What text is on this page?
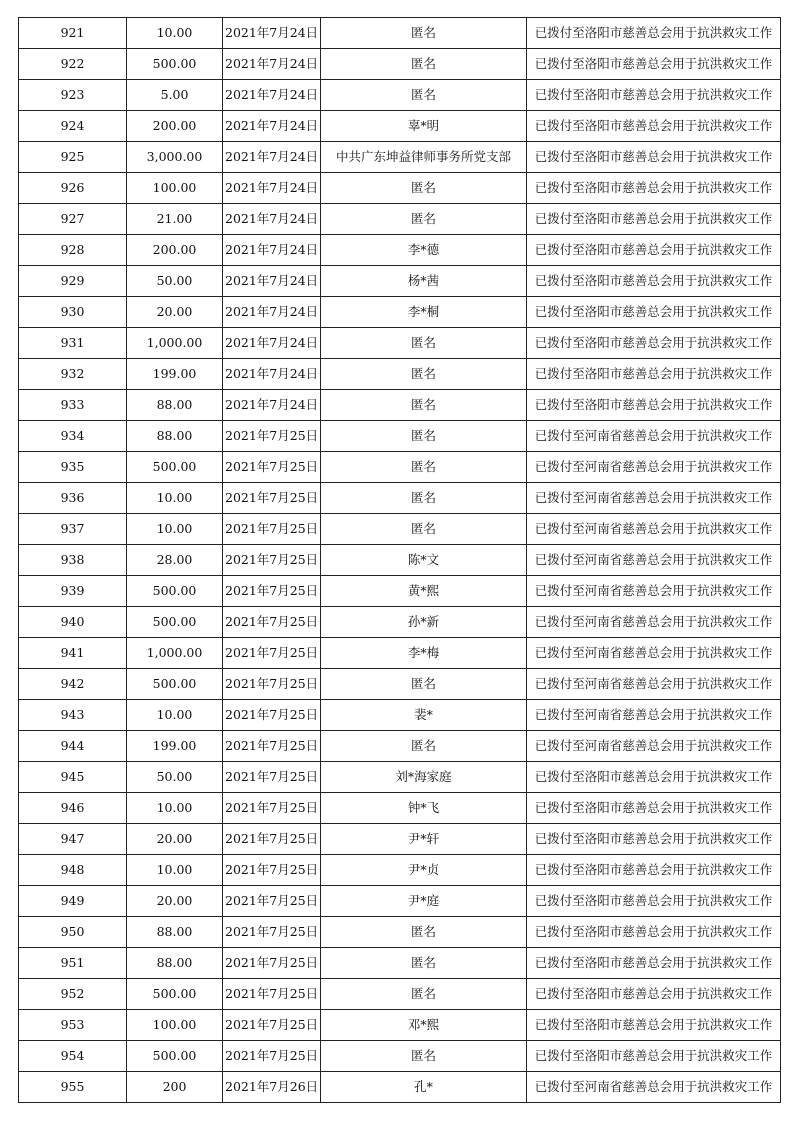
921	10.00	2021年7月24日	匿名	已拨付至洛阳市慈善总会用于抗洪救灾工作
922	500.00	2021年7月24日	匿名	已拨付至洛阳市慈善总会用于抗洪救灾工作
923	5.00	2021年7月24日	匿名	已拨付至洛阳市慈善总会用于抗洪救灾工作
924	200.00	2021年7月24日	辜*明	已拨付至洛阳市慈善总会用于抗洪救灾工作
925	3,000.00	2021年7月24日	中共广东坤益律师事务所党支部	已拨付至洛阳市慈善总会用于抗洪救灾工作
926	100.00	2021年7月24日	匿名	已拨付至洛阳市慈善总会用于抗洪救灾工作
927	21.00	2021年7月24日	匿名	已拨付至洛阳市慈善总会用于抗洪救灾工作
928	200.00	2021年7月24日	李*德	已拨付至洛阳市慈善总会用于抗洪救灾工作
929	50.00	2021年7月24日	杨*茜	已拨付至洛阳市慈善总会用于抗洪救灾工作
930	20.00	2021年7月24日	李*桐	已拨付至洛阳市慈善总会用于抗洪救灾工作
931	1,000.00	2021年7月24日	匿名	已拨付至洛阳市慈善总会用于抗洪救灾工作
932	199.00	2021年7月24日	匿名	已拨付至洛阳市慈善总会用于抗洪救灾工作
933	88.00	2021年7月24日	匿名	已拨付至洛阳市慈善总会用于抗洪救灾工作
934	88.00	2021年7月25日	匿名	已拨付至河南省慈善总会用于抗洪救灾工作
935	500.00	2021年7月25日	匿名	已拨付至河南省慈善总会用于抗洪救灾工作
936	10.00	2021年7月25日	匿名	已拨付至河南省慈善总会用于抗洪救灾工作
937	10.00	2021年7月25日	匿名	已拨付至河南省慈善总会用于抗洪救灾工作
938	28.00	2021年7月25日	陈*文	已拨付至河南省慈善总会用于抗洪救灾工作
939	500.00	2021年7月25日	黄*熙	已拨付至河南省慈善总会用于抗洪救灾工作
940	500.00	2021年7月25日	孙*新	已拨付至河南省慈善总会用于抗洪救灾工作
941	1,000.00	2021年7月25日	李*梅	已拨付至河南省慈善总会用于抗洪救灾工作
942	500.00	2021年7月25日	匿名	已拨付至河南省慈善总会用于抗洪救灾工作
943	10.00	2021年7月25日	裴*	已拨付至河南省慈善总会用于抗洪救灾工作
944	199.00	2021年7月25日	匿名	已拨付至河南省慈善总会用于抗洪救灾工作
945	50.00	2021年7月25日	刘*海家庭	已拨付至洛阳市慈善总会用于抗洪救灾工作
946	10.00	2021年7月25日	钟*飞	已拨付至洛阳市慈善总会用于抗洪救灾工作
947	20.00	2021年7月25日	尹*轩	已拨付至洛阳市慈善总会用于抗洪救灾工作
948	10.00	2021年7月25日	尹*贞	已拨付至洛阳市慈善总会用于抗洪救灾工作
949	20.00	2021年7月25日	尹*庭	已拨付至洛阳市慈善总会用于抗洪救灾工作
950	88.00	2021年7月25日	匿名	已拨付至洛阳市慈善总会用于抗洪救灾工作
951	88.00	2021年7月25日	匿名	已拨付至洛阳市慈善总会用于抗洪救灾工作
952	500.00	2021年7月25日	匿名	已拨付至洛阳市慈善总会用于抗洪救灾工作
953	100.00	2021年7月25日	邓*熙	已拨付至洛阳市慈善总会用于抗洪救灾工作
954	500.00	2021年7月25日	匿名	已拨付至洛阳市慈善总会用于抗洪救灾工作
955	200	2021年7月26日	孔*	已拨付至河南省慈善总会用于抗洪救灾工作
